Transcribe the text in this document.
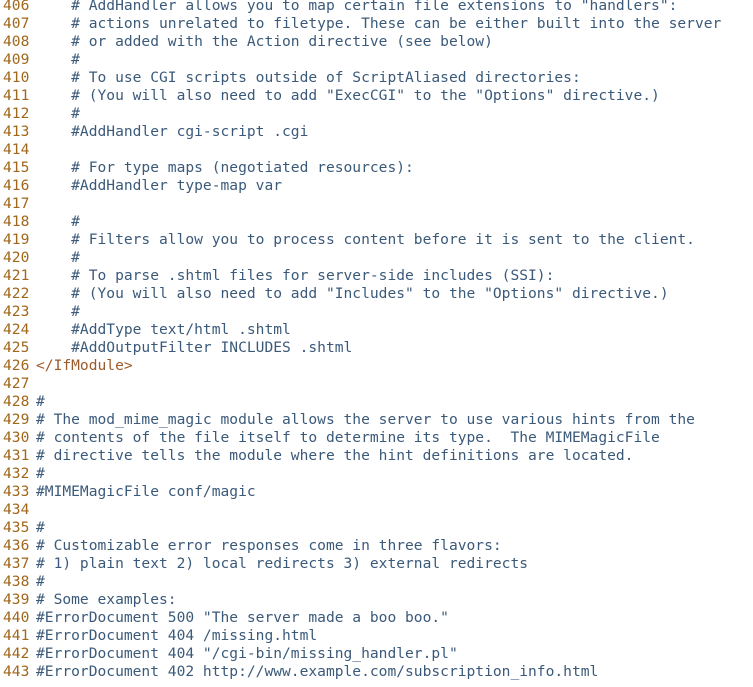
406 # AddHandler allows you to map certain file extensions to "handlers":
407 # actions unrelated to filetype. These can be either built into the server
408 # or added with the Action directive (see below)
409 #
410 # To use CGI scripts outside of ScriptAliased directories:
411 # (You will also need to add "ExecCGI" to the "Options" directive.)
412 #
413 #AddHandler cgi-script .cgi
414
415 # For type maps (negotiated resources):
416 #AddHandler type-map var
417
418 #
419 # Filters allow you to process content before it is sent to the client.
420 #
421 # To parse .shtml files for server-side includes (SSI):
422 # (You will also need to add "Includes" to the "Options" directive.)
423 #
424 #AddType text/html .shtml
425 #AddOutputFilter INCLUDES .shtml
426 </IfModule>
427
428 #
429 # The mod_mime_magic module allows the server to use various hints from the
430 # contents of the file itself to determine its type.  The MIMEMagicFile
431 # directive tells the module where the hint definitions are located.
432 #
433 #MIMEMagicFile conf/magic
434
435 #
436 # Customizable error responses come in three flavors:
437 # 1) plain text 2) local redirects 3) external redirects
438 #
439 # Some examples:
440 #ErrorDocument 500 "The server made a boo boo."
441 #ErrorDocument 404 /missing.html
442 #ErrorDocument 404 "/cgi-bin/missing_handler.pl"
443 #ErrorDocument 402 http://www.example.com/subscription_info.html
